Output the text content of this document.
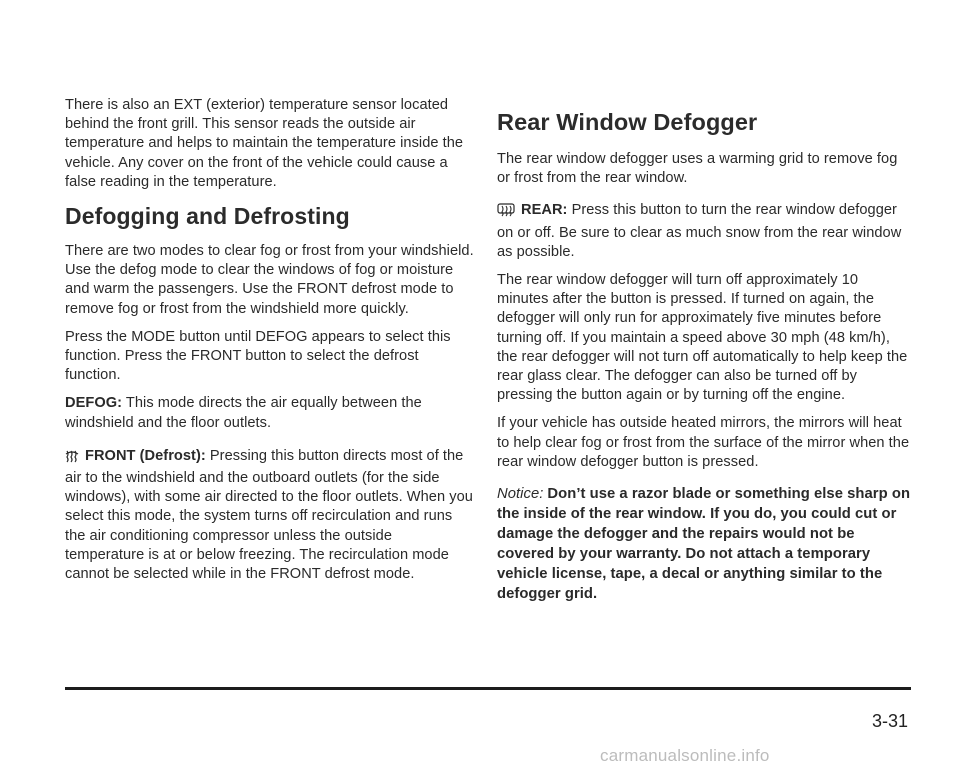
There is also an EXT (exterior) temperature sensor located behind the front grill. This sensor reads the outside air temperature and helps to maintain the temperature inside the vehicle. Any cover on the front of the vehicle could cause a false reading in the temperature.

Defogging and Defrosting

There are two modes to clear fog or frost from your windshield. Use the defog mode to clear the windows of fog or moisture and warm the passengers. Use the FRONT defrost mode to remove fog or frost from the windshield more quickly.

Press the MODE button until DEFOG appears to select this function. Press the FRONT button to select the defrost function.

DEFOG: This mode directs the air equally between the windshield and the floor outlets.

FRONT (Defrost): Pressing this button directs most of the air to the windshield and the outboard outlets (for the side windows), with some air directed to the floor outlets. When you select this mode, the system turns off recirculation and runs the air conditioning compressor unless the outside temperature is at or below freezing. The recirculation mode cannot be selected while in the FRONT defrost mode.

Rear Window Defogger

The rear window defogger uses a warming grid to remove fog or frost from the rear window.

REAR: Press this button to turn the rear window defogger on or off. Be sure to clear as much snow from the rear window as possible.

The rear window defogger will turn off approximately 10 minutes after the button is pressed. If turned on again, the defogger will only run for approximately five minutes before turning off. If you maintain a speed above 30 mph (48 km/h), the rear defogger will not turn off automatically to help keep the rear glass clear. The defogger can also be turned off by pressing the button again or by turning off the engine.

If your vehicle has outside heated mirrors, the mirrors will heat to help clear fog or frost from the surface of the mirror when the rear window defogger button is pressed.

Notice: Don’t use a razor blade or something else sharp on the inside of the rear window. If you do, you could cut or damage the defogger and the repairs would not be covered by your warranty. Do not attach a temporary vehicle license, tape, a decal or anything similar to the defogger grid.

3-31
carmanualsonline.info
